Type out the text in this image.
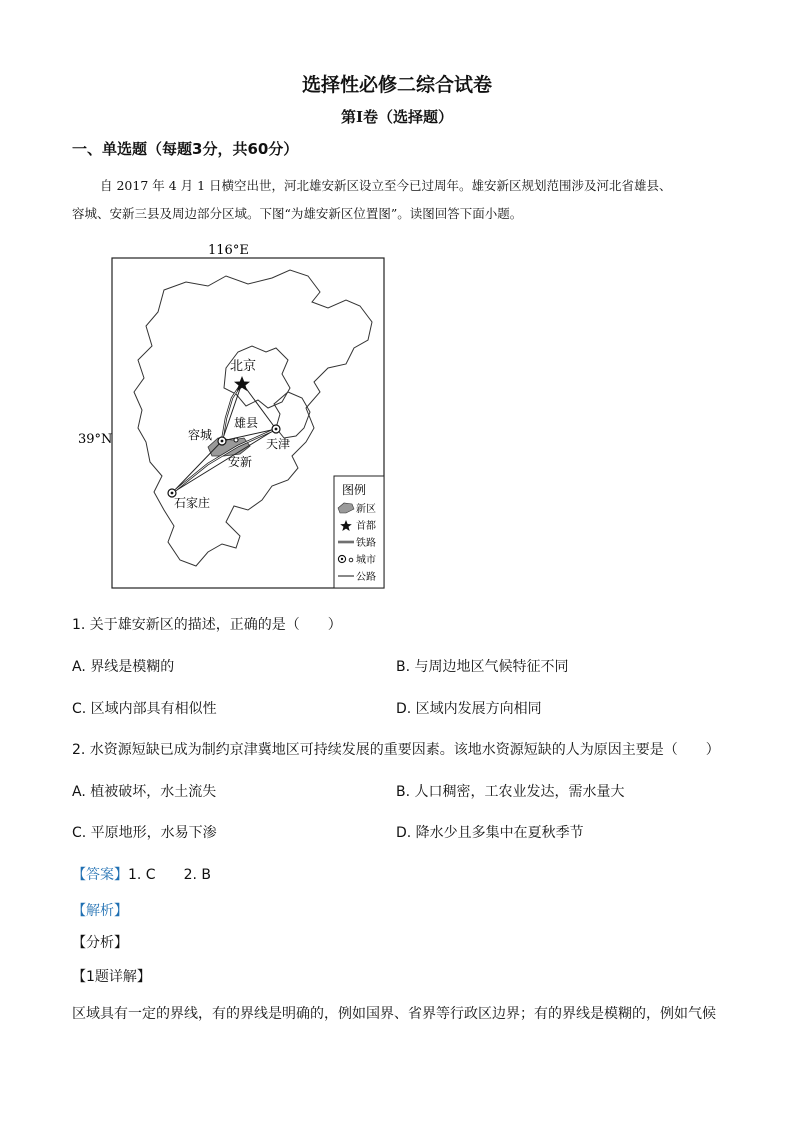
选择性必修二综合试卷
第Ⅰ卷（选择题）
一、单选题（每题3分，共60分）
自 2017 年 4 月 1 日横空出世，河北雄安新区设立至今已过周年。雄安新区规划范围涉及河北省雄县、
容城、安新三县及周边部分区域。下图“为雄安新区位置图”。读图回答下面小题。
116°E
39°N
北京
容城
雄县
天津
安新
石家庄
图例
新区
首都
铁路
城市
公路
1. 关于雄安新区的描述，正确的是（　　）
A. 界线是模糊的	B. 与周边地区气候特征不同
C. 区域内部具有相似性	D. 区域内发展方向相同
2. 水资源短缺已成为制约京津冀地区可持续发展的重要因素。该地水资源短缺的人为原因主要是（　　）
A. 植被破坏，水土流失	B. 人口稠密，工农业发达，需水量大
C. 平原地形，水易下渗	D. 降水少且多集中在夏秋季节
【答案】1. C　　2. B
【解析】
【分析】
【1题详解】
区域具有一定的界线，有的界线是明确的，例如国界、省界等行政区边界；有的界线是模糊的，例如气候
